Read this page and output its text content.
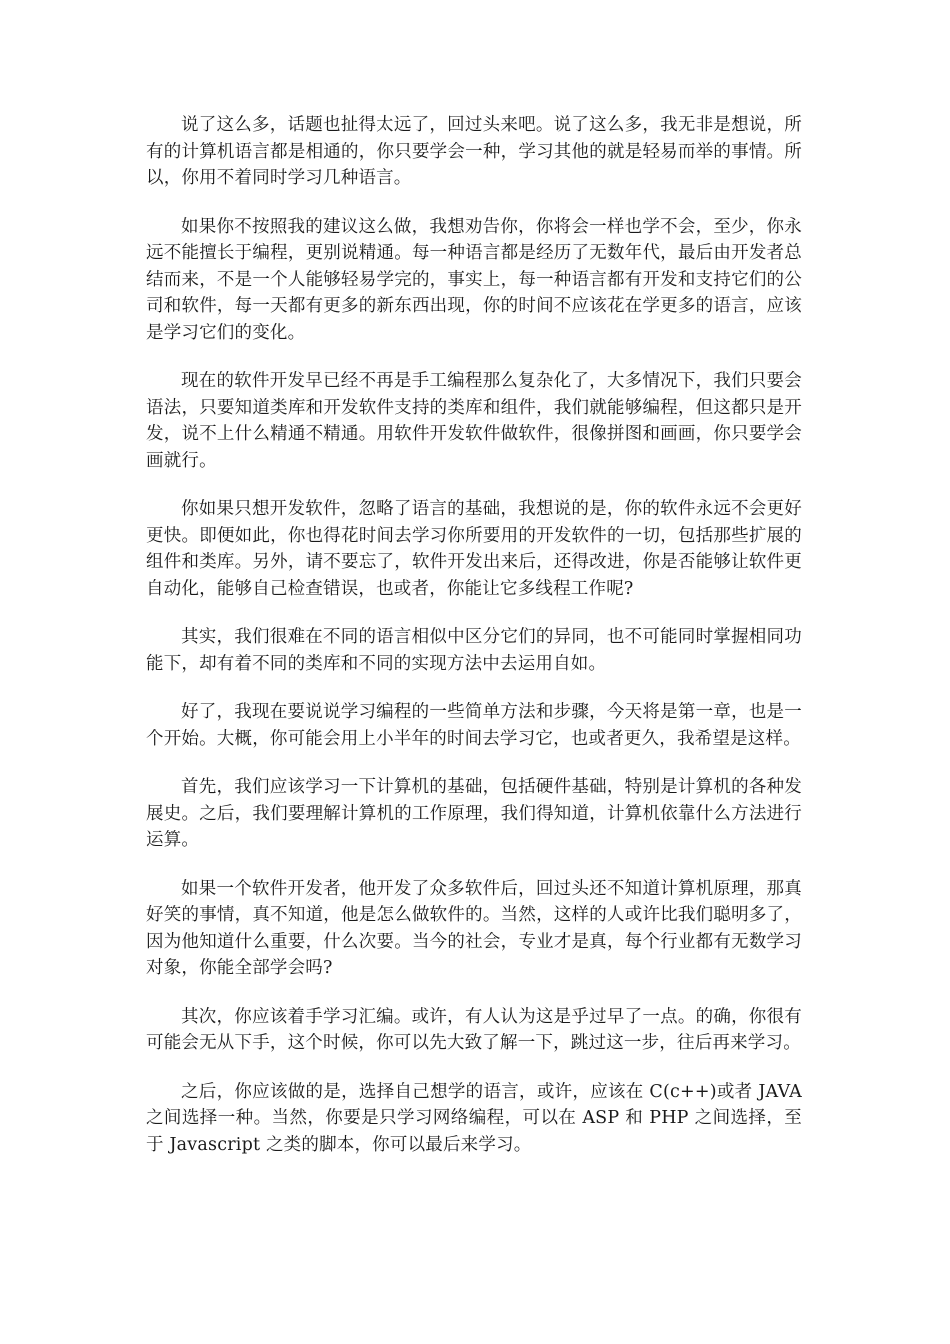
说了这么多，话题也扯得太远了，回过头来吧。说了这么多，我无非是想说，所有的计算机语言都是相通的，你只要学会一种，学习其他的就是轻易而举的事情。所以，你用不着同时学习几种语言。

如果你不按照我的建议这么做，我想劝告你，你将会一样也学不会，至少，你永远不能擅长于编程，更别说精通。每一种语言都是经历了无数年代，最后由开发者总结而来，不是一个人能够轻易学完的，事实上，每一种语言都有开发和支持它们的公司和软件，每一天都有更多的新东西出现，你的时间不应该花在学更多的语言，应该是学习它们的变化。

现在的软件开发早已经不再是手工编程那么复杂化了，大多情况下，我们只要会语法，只要知道类库和开发软件支持的类库和组件，我们就能够编程，但这都只是开发，说不上什么精通不精通。用软件开发软件做软件，很像拼图和画画，你只要学会画就行。

你如果只想开发软件，忽略了语言的基础，我想说的是，你的软件永远不会更好更快。即便如此，你也得花时间去学习你所要用的开发软件的一切，包括那些扩展的组件和类库。另外，请不要忘了，软件开发出来后，还得改进，你是否能够让软件更自动化，能够自己检查错误，也或者，你能让它多线程工作呢?

其实，我们很难在不同的语言相似中区分它们的异同，也不可能同时掌握相同功能下，却有着不同的类库和不同的实现方法中去运用自如。

好了，我现在要说说学习编程的一些简单方法和步骤，今天将是第一章，也是一个开始。大概，你可能会用上小半年的时间去学习它，也或者更久，我希望是这样。

首先，我们应该学习一下计算机的基础，包括硬件基础，特别是计算机的各种发展史。之后，我们要理解计算机的工作原理，我们得知道，计算机依靠什么方法进行运算。

如果一个软件开发者，他开发了众多软件后，回过头还不知道计算机原理，那真好笑的事情，真不知道，他是怎么做软件的。当然，这样的人或许比我们聪明多了，因为他知道什么重要，什么次要。当今的社会，专业才是真，每个行业都有无数学习对象，你能全部学会吗?

其次，你应该着手学习汇编。或许，有人认为这是乎过早了一点。的确，你很有可能会无从下手，这个时候，你可以先大致了解一下，跳过这一步，往后再来学习。

之后，你应该做的是，选择自己想学的语言，或许，应该在 C(c++)或者 JAVA 之间选择一种。当然，你要是只学习网络编程，可以在 ASP 和 PHP 之间选择，至于 Javascript 之类的脚本，你可以最后来学习。
